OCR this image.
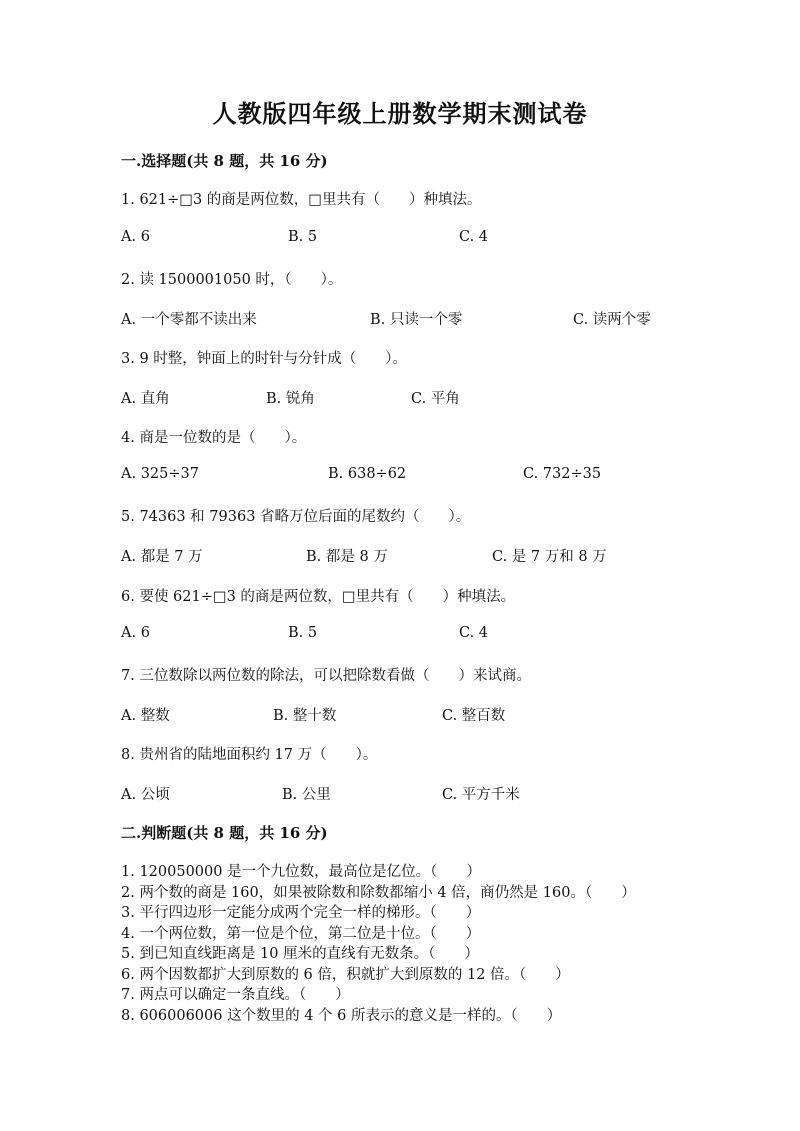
人教版四年级上册数学期末测试卷
一.选择题(共 8 题，共 16 分)
1. 621÷□3 的商是两位数，□里共有（　　）种填法。
A. 6	B. 5	C. 4
2. 读 1500001050 时，（　　）。
A. 一个零都不读出来	B. 只读一个零	C. 读两个零
3. 9 时整，钟面上的时针与分针成（　　）。
A. 直角	B. 锐角	C. 平角
4. 商是一位数的是（　　）。
A. 325÷37	B. 638÷62	C. 732÷35
5. 74363 和 79363 省略万位后面的尾数约（　　）。
A. 都是 7 万	B. 都是 8 万	C. 是 7 万和 8 万
6. 要使 621÷□3 的商是两位数，□里共有（　　）种填法。
A. 6	B. 5	C. 4
7. 三位数除以两位数的除法，可以把除数看做（　　）来试商。
A. 整数	B. 整十数	C. 整百数
8. 贵州省的陆地面积约 17 万（　　）。
A. 公顷	B. 公里	C. 平方千米
二.判断题(共 8 题，共 16 分)
1. 120050000 是一个九位数，最高位是亿位。（　　）
2. 两个数的商是 160，如果被除数和除数都缩小 4 倍，商仍然是 160。（　　）
3. 平行四边形一定能分成两个完全一样的梯形。（　　）
4. 一个两位数，第一位是个位，第二位是十位。（　　）
5. 到已知直线距离是 10 厘米的直线有无数条。（　　）
6. 两个因数都扩大到原数的 6 倍，积就扩大到原数的 12 倍。（　　）
7. 两点可以确定一条直线。（　　）
8. 606006006 这个数里的 4 个 6 所表示的意义是一样的。（　　）
